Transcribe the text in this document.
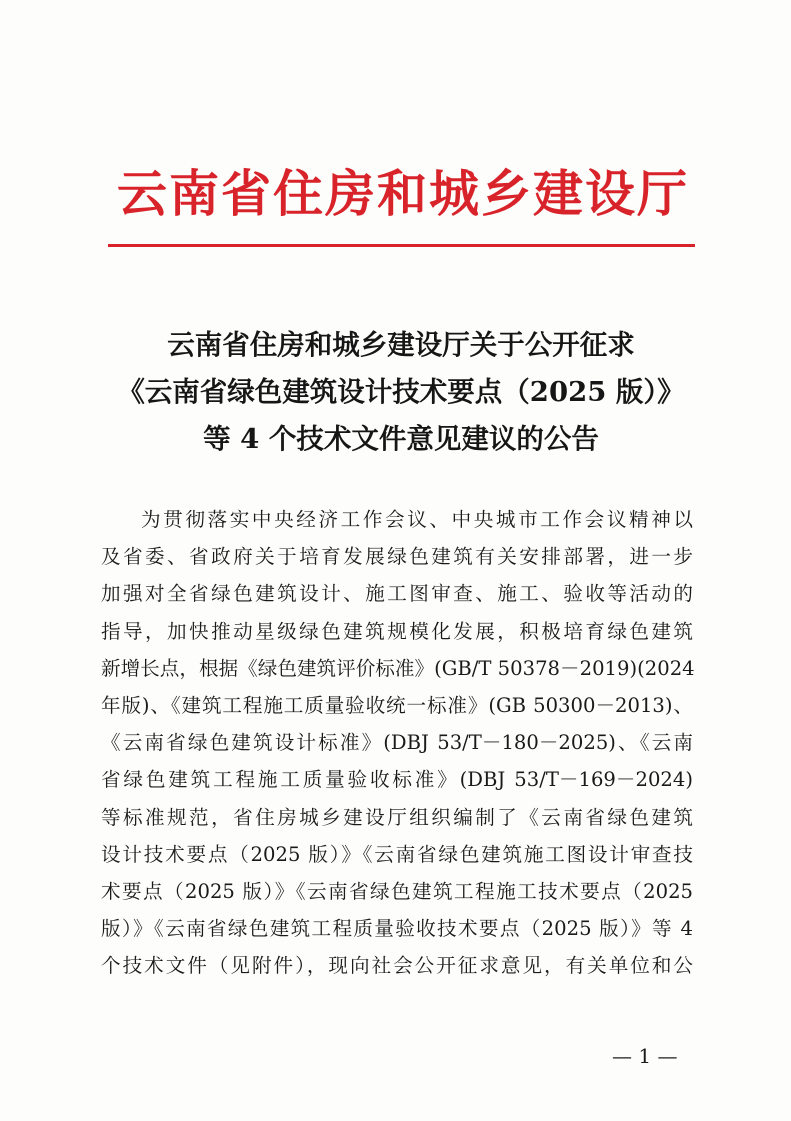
云南省住房和城乡建设厅
云南省住房和城乡建设厅关于公开征求
《云南省绿色建筑设计技术要点（2025 版）》
等 4 个技术文件意见建议的公告
为贯彻落实中央经济工作会议、中央城市工作会议精神以
及省委、省政府关于培育发展绿色建筑有关安排部署，进一步
加强对全省绿色建筑设计、施工图审查、施工、验收等活动的
指导，加快推动星级绿色建筑规模化发展，积极培育绿色建筑
新增长点，根据《绿色建筑评价标准》(GB/T 50378－2019)(2024
年版)、《建筑工程施工质量验收统一标准》(GB 50300－2013)、
《云南省绿色建筑设计标准》(DBJ 53/T－180－2025)、《云南
省绿色建筑工程施工质量验收标准》(DBJ 53/T－169－2024)
等标准规范，省住房城乡建设厅组织编制了《云南省绿色建筑
设计技术要点（2025 版）》《云南省绿色建筑施工图设计审查技
术要点（2025 版）》《云南省绿色建筑工程施工技术要点（2025
版）》《云南省绿色建筑工程质量验收技术要点（2025 版）》等 4
个技术文件（见附件），现向社会公开征求意见，有关单位和公
— 1 —
